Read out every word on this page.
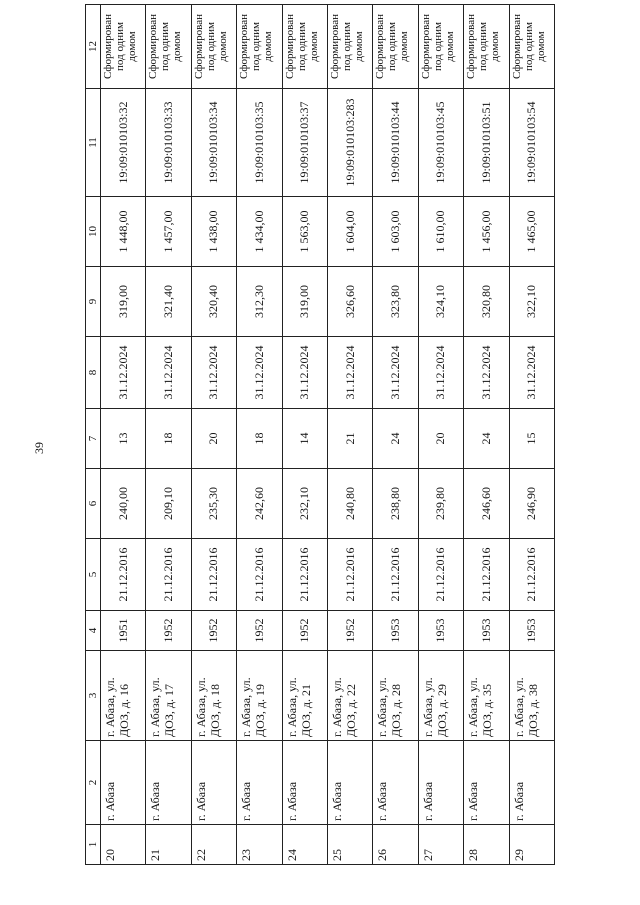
39
1	2	3	4	5	6	7	8	9	10	11	12
20	г. Абаза	г. Абаза, ул. ДОЗ, д. 16	1951	21.12.2016	240,00	13	31.12.2024	319,00	1 448,00	19:09:010103:32	Сформирован под одним домом
21	г. Абаза	г. Абаза, ул. ДОЗ, д. 17	1952	21.12.2016	209,10	18	31.12.2024	321,40	1 457,00	19:09:010103:33	Сформирован под одним домом
22	г. Абаза	г. Абаза, ул. ДОЗ, д. 18	1952	21.12.2016	235,30	20	31.12.2024	320,40	1 438,00	19:09:010103:34	Сформирован под одним домом
23	г. Абаза	г. Абаза, ул. ДОЗ, д. 19	1952	21.12.2016	242,60	18	31.12.2024	312,30	1 434,00	19:09:010103:35	Сформирован под одним домом
24	г. Абаза	г. Абаза, ул. ДОЗ, д. 21	1952	21.12.2016	232,10	14	31.12.2024	319,00	1 563,00	19:09:010103:37	Сформирован под одним домом
25	г. Абаза	г. Абаза, ул. ДОЗ, д. 22	1952	21.12.2016	240,80	21	31.12.2024	326,60	1 604,00	19:09:010103:283	Сформирован под одним домом
26	г. Абаза	г. Абаза, ул. ДОЗ, д. 28	1953	21.12.2016	238,80	24	31.12.2024	323,80	1 603,00	19:09:010103:44	Сформирован под одним домом
27	г. Абаза	г. Абаза, ул. ДОЗ, д. 29	1953	21.12.2016	239,80	20	31.12.2024	324,10	1 610,00	19:09:010103:45	Сформирован под одним домом
28	г. Абаза	г. Абаза, ул. ДОЗ, д. 35	1953	21.12.2016	246,60	24	31.12.2024	320,80	1 456,00	19:09:010103:51	Сформирован под одним домом
29	г. Абаза	г. Абаза, ул. ДОЗ, д. 38	1953	21.12.2016	246,90	15	31.12.2024	322,10	1 465,00	19:09:010103:54	Сформирован под одним домом
